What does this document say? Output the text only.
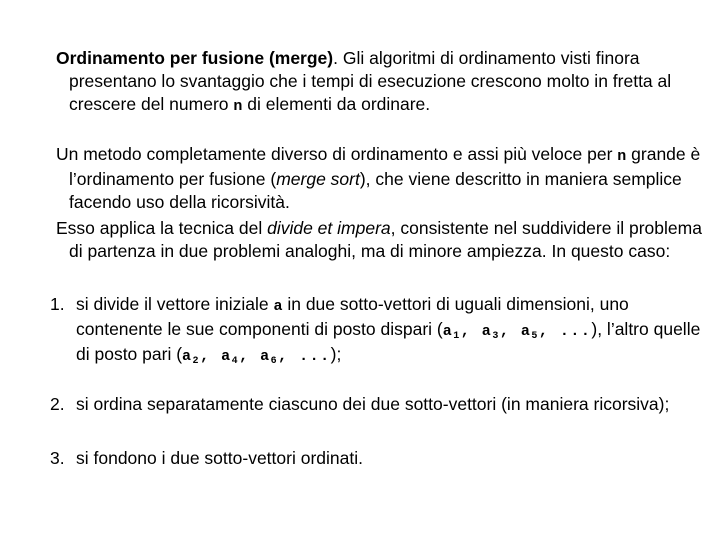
Ordinamento per fusione (merge). Gli algoritmi di ordinamento visti finora presentano lo svantaggio che i tempi di esecuzione crescono molto in fretta al crescere del numero n di elementi da ordinare.

Un metodo completamente diverso di ordinamento e assi più veloce per n grande è l’ordinamento per fusione (merge sort), che viene descritto in maniera semplice facendo uso della ricorsività.

Esso applica la tecnica del divide et impera, consistente nel suddividere il problema di partenza in due problemi analoghi, ma di minore ampiezza. In questo caso:

1. si divide il vettore iniziale a in due sotto-vettori di uguali dimensioni, uno contenente le sue componenti di posto dispari ($a_1$, $a_3$, $a_5$, ...), l’altro quelle di posto pari ($a_2$, $a_4$, $a_6$, ...);
2. si ordina separatamente ciascuno dei due sotto-vettori (in maniera ricorsiva);
3. si fondono i due sotto-vettori ordinati.
